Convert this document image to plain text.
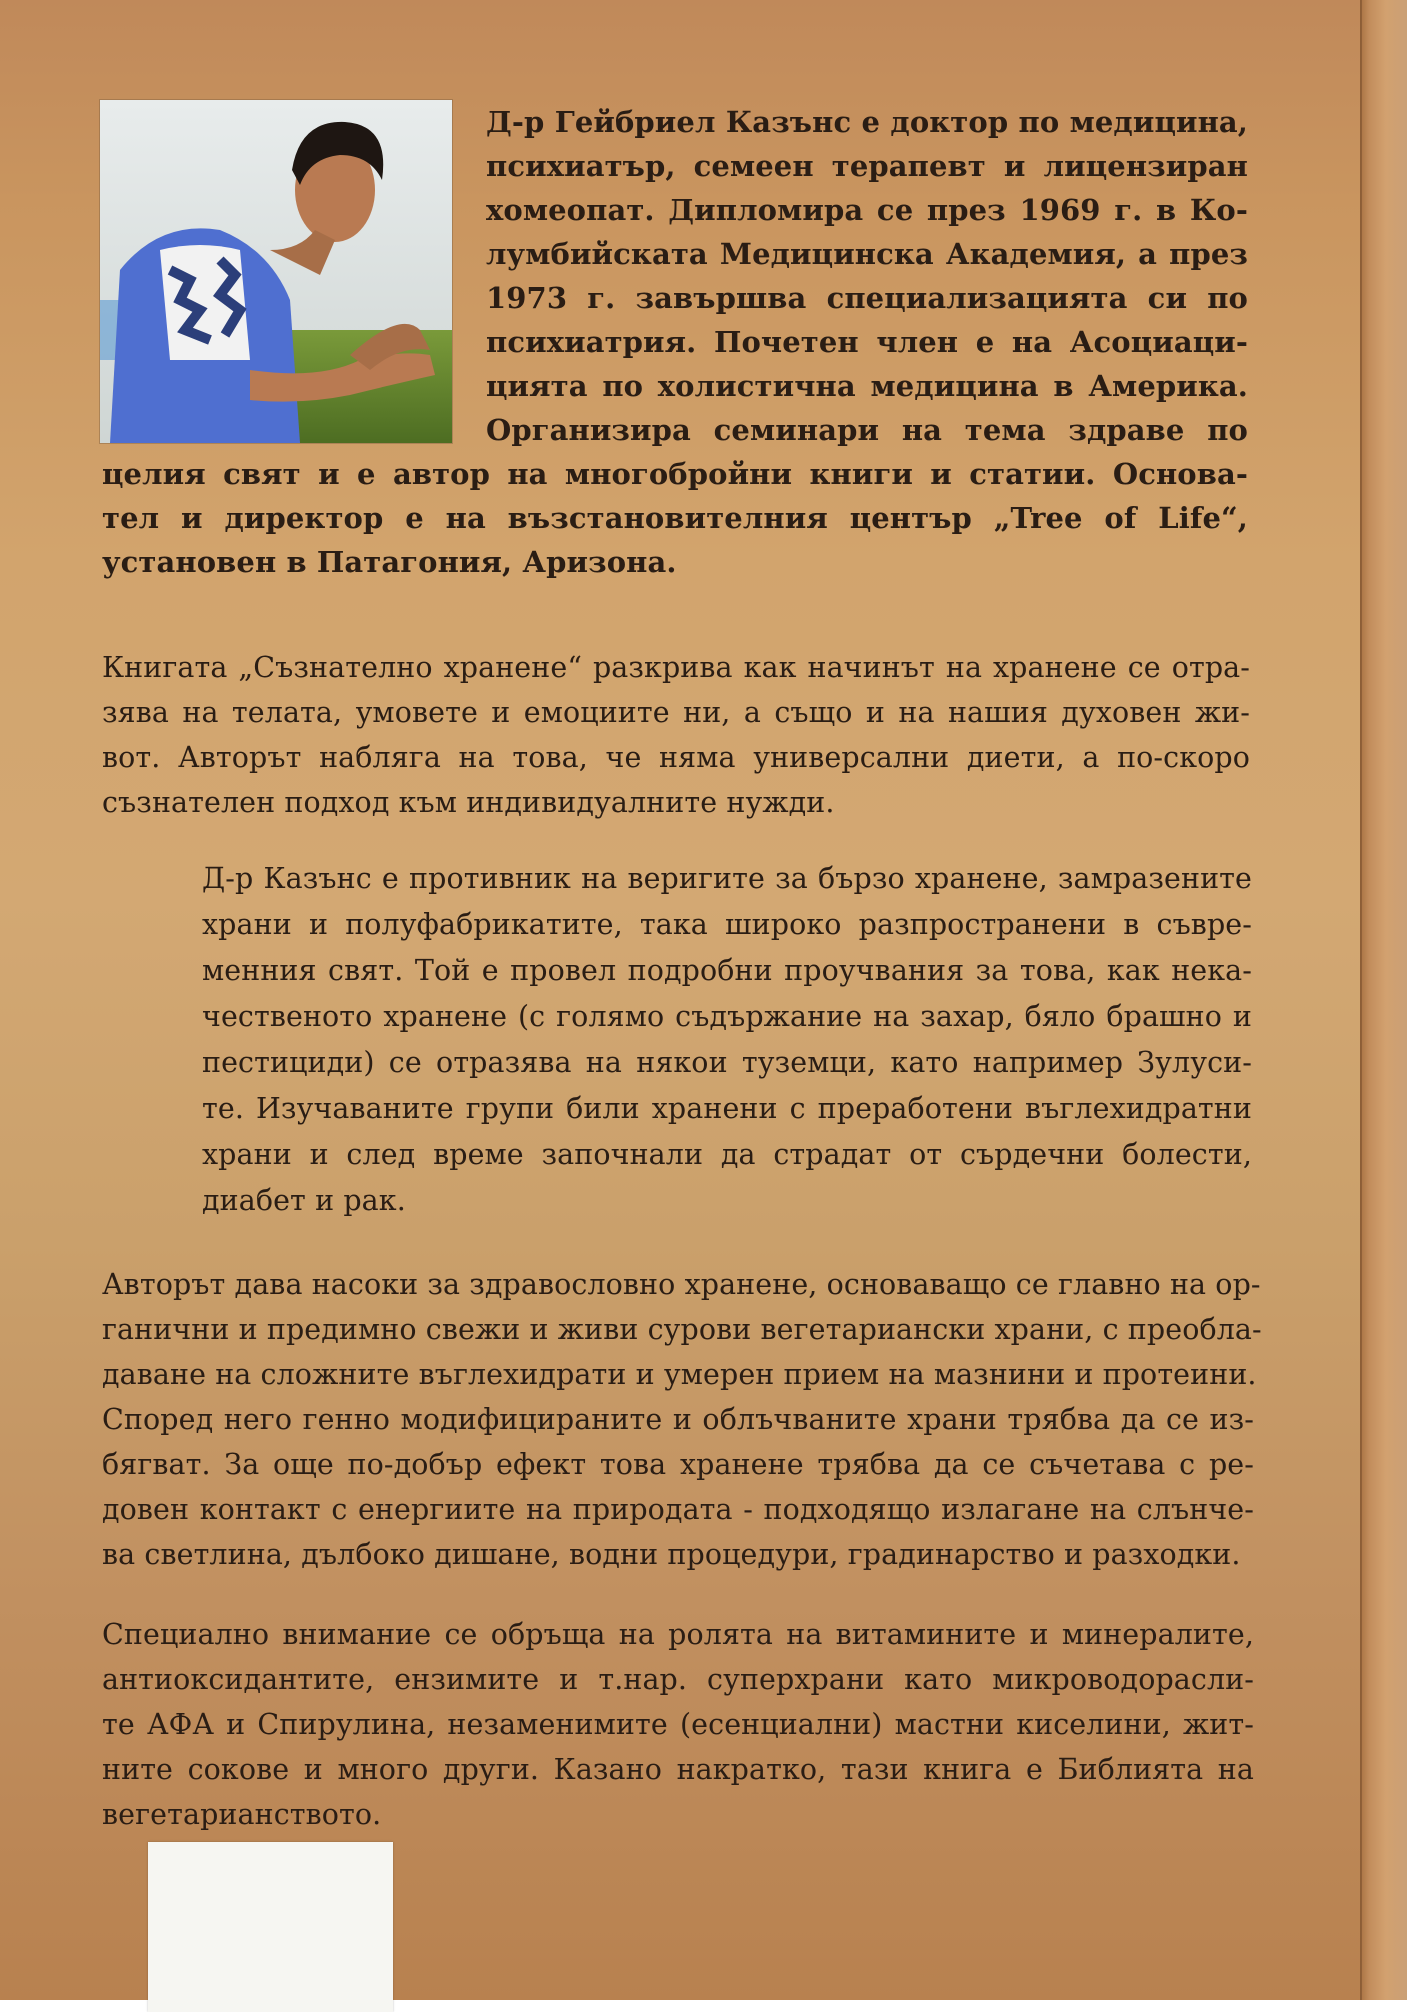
Д-р Гейбриел Казънс е доктор по медицина,
психиатър, семеен терапевт и лицензиран
хомеопат. Дипломира се през 1969 г. в Ко-
лумбийската Медицинска Академия, а през
1973 г. завършва специализацията си по
психиатрия. Почетен член е на Асоциаци-
цията по холистична медицина в Америка.
Организира семинари на тема здраве по
целия свят и е автор на многобройни книги и статии. Основа-
тел и директор е на възстановителния център „Tree of Life“,
установен в Патагония, Аризона.
Книгата „Съзнателно хранене“ разкрива как начинът на хранене се отра-
зява на телата, умовете и емоциите ни, а също и на нашия духовен жи-
вот. Авторът набляга на това, че няма универсални диети, а по-скоро
съзнателен подход към индивидуалните нужди.
Д-р Казънс е противник на веригите за бързо хранене, замразените
храни и полуфабрикатите, така широко разпространени в съвре-
менния свят. Той е провел подробни проучвания за това, как нека-
чественото хранене (с голямо съдържание на захар, бяло брашно и
пестициди) се отразява на някои туземци, като например Зулуси-
те. Изучаваните групи били хранени с преработени въглехидратни
храни и след време започнали да страдат от сърдечни болести,
диабет и рак.
Авторът дава насоки за здравословно хранене, основаващо се главно на ор-
ганични и предимно свежи и живи сурови вегетариански храни, с преобла-
даване на сложните въглехидрати и умерен прием на мазнини и протеини.
Според него генно модифицираните и облъчваните храни трябва да се из-
бягват. За още по-добър ефект това хранене трябва да се съчетава с ре-
довен контакт с енергиите на природата - подходящо излагане на слънче-
ва светлина, дълбоко дишане, водни процедури, градинарство и разходки.
Специално внимание се обръща на ролята на витамините и минералите,
антиоксидантите, ензимите и т.нар. суперхрани като микроводорасли-
те АФА и Спирулина, незаменимите (есенциални) мастни киселини, жит-
ните сокове и много други. Казано накратко, тази книга е Библията на
вегетарианството.
